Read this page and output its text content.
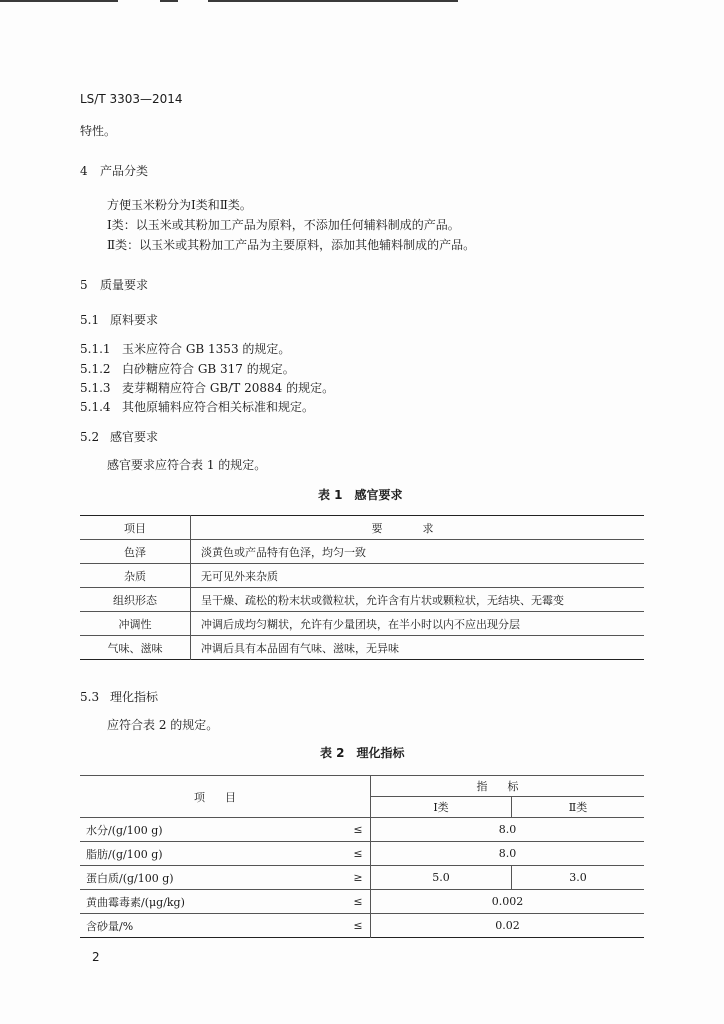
LS/T 3303—2014
特性。
4 产品分类
方便玉米粉分为Ⅰ类和Ⅱ类。
Ⅰ类：以玉米或其粉加工产品为原料，不添加任何辅料制成的产品。
Ⅱ类：以玉米或其粉加工产品为主要原料，添加其他辅料制成的产品。
5 质量要求
5.1 原料要求
5.1.1 玉米应符合 GB 1353 的规定。
5.1.2 白砂糖应符合 GB 317 的规定。
5.1.3 麦芽糊精应符合 GB/T 20884 的规定。
5.1.4 其他原辅料应符合相关标准和规定。
5.2 感官要求
感官要求应符合表 1 的规定。
表 1　感官要求
项目	要求
色泽	淡黄色或产品特有色泽，均匀一致
杂质	无可见外来杂质
组织形态	呈干燥、疏松的粉末状或微粒状，允许含有片状或颗粒状，无结块、无霉变
冲调性	冲调后成均匀糊状，允许有少量团块，在半小时以内不应出现分层
气味、滋味	冲调后具有本品固有气味、滋味，无异味
5.3 理化指标
应符合表 2 的规定。
表 2　理化指标
项目		指标	
		Ⅰ类	Ⅱ类
水分/(g/100 g)	≤	8.0	
脂肪/(g/100 g)	≤	8.0	
蛋白质/(g/100 g)	≥	5.0	3.0
黄曲霉毒素/(μg/kg)	≤	0.002	
含砂量/%	≤	0.02	
2
